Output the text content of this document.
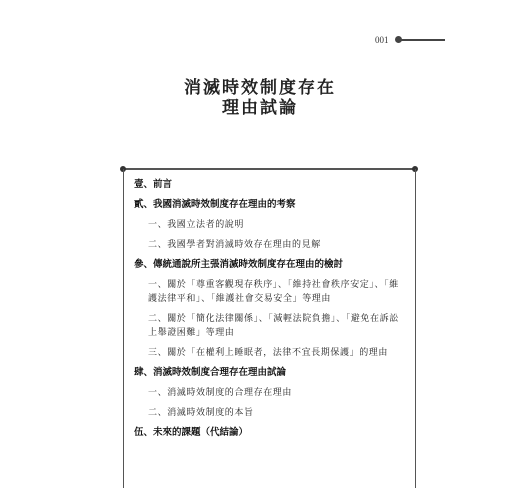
001
消滅時效制度存在
理由試論
壹、前言
貳、我國消滅時效制度存在理由的考察
一、我國立法者的說明
二、我國學者對消滅時效存在理由的見解
參、傳統通說所主張消滅時效制度存在理由的檢討
一、關於「尊重客觀現存秩序」、「維持社會秩序安定」、「維護法律平和」、「維護社會交易安全」等理由
二、關於「簡化法律關係」、「減輕法院負擔」、「避免在訴訟上舉證困難」等理由
三、關於「在權利上睡眠者，法律不宜長期保護」的理由
肆、消滅時效制度合理存在理由試論
一、消滅時效制度的合理存在理由
二、消滅時效制度的本旨
伍、未來的課題（代結論）
